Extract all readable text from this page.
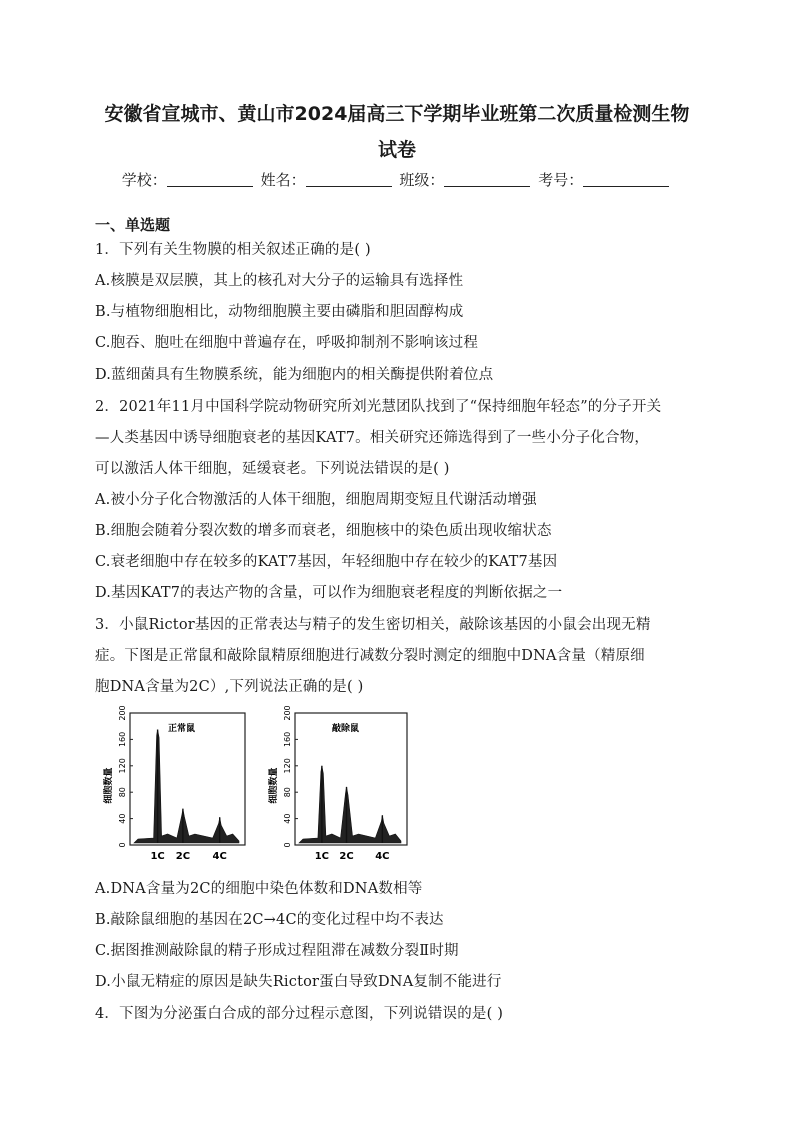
安徽省宣城市、黄山市2024届高三下学期毕业班第二次质量检测生物
试卷
学校：	姓名：	班级：	考号：
一、单选题
1．下列有关生物膜的相关叙述正确的是( )
A.核膜是双层膜，其上的核孔对大分子的运输具有选择性
B.与植物细胞相比，动物细胞膜主要由磷脂和胆固醇构成
C.胞吞、胞吐在细胞中普遍存在，呼吸抑制剂不影响该过程
D.蓝细菌具有生物膜系统，能为细胞内的相关酶提供附着位点
2．2021年11月中国科学院动物研究所刘光慧团队找到了“保持细胞年轻态”的分子开关
—人类基因中诱导细胞衰老的基因KAT7。相关研究还筛选得到了一些小分子化合物，
可以激活人体干细胞，延缓衰老。下列说法错误的是( )
A.被小分子化合物激活的人体干细胞，细胞周期变短且代谢活动增强
B.细胞会随着分裂次数的增多而衰老，细胞核中的染色质出现收缩状态
C.衰老细胞中存在较多的KAT7基因，年轻细胞中存在较少的KAT7基因
D.基因KAT7的表达产物的含量，可以作为细胞衰老程度的判断依据之一
3．小鼠Rictor基因的正常表达与精子的发生密切相关，敲除该基因的小鼠会出现无精
症。下图是正常鼠和敲除鼠精原细胞进行减数分裂时测定的细胞中DNA含量（精原细
胞DNA含量为2C）,下列说法正确的是( )
0
40
80
120
160
200
细胞数量
正常鼠
1C 2C 4C
0
40
80
120
160
200
细胞数量
敲除鼠
1C 2C 4C
A.DNA含量为2C的细胞中染色体数和DNA数相等
B.敲除鼠细胞的基因在2C→4C的变化过程中均不表达
C.据图推测敲除鼠的精子形成过程阻滞在减数分裂Ⅱ时期
D.小鼠无精症的原因是缺失Rictor蛋白导致DNA复制不能进行
4．下图为分泌蛋白合成的部分过程示意图，下列说错误的是( )
